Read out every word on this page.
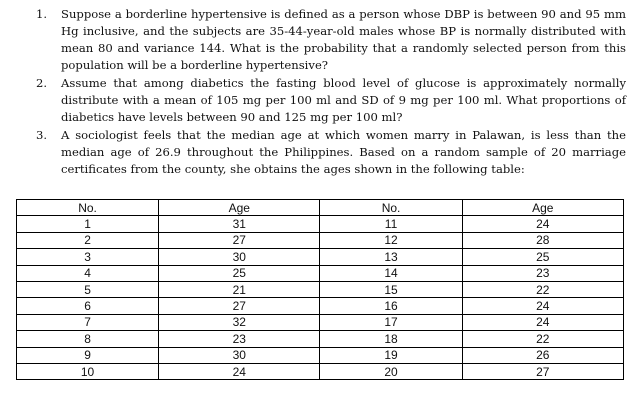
1. Suppose a borderline hypertensive is defined as a person whose DBP is between 90 and 95 mm Hg inclusive, and the subjects are 35-44-year-old males whose BP is normally distributed with mean 80 and variance 144. What is the probability that a randomly selected person from this population will be a borderline hypertensive?
2. Assume that among diabetics the fasting blood level of glucose is approximately normally distribute with a mean of 105 mg per 100 ml and SD of 9 mg per 100 ml. What proportions of diabetics have levels between 90 and 125 mg per 100 ml?
3. A sociologist feels that the median age at which women marry in Palawan, is less than the median age of 26.9 throughout the Philippines. Based on a random sample of 20 marriage certificates from the county, she obtains the ages shown in the following table:
No.	Age	No.	Age
1	31	11	24
2	27	12	28
3	30	13	25
4	25	14	23
5	21	15	22
6	27	16	24
7	32	17	24
8	23	18	22
9	30	19	26
10	24	20	27
